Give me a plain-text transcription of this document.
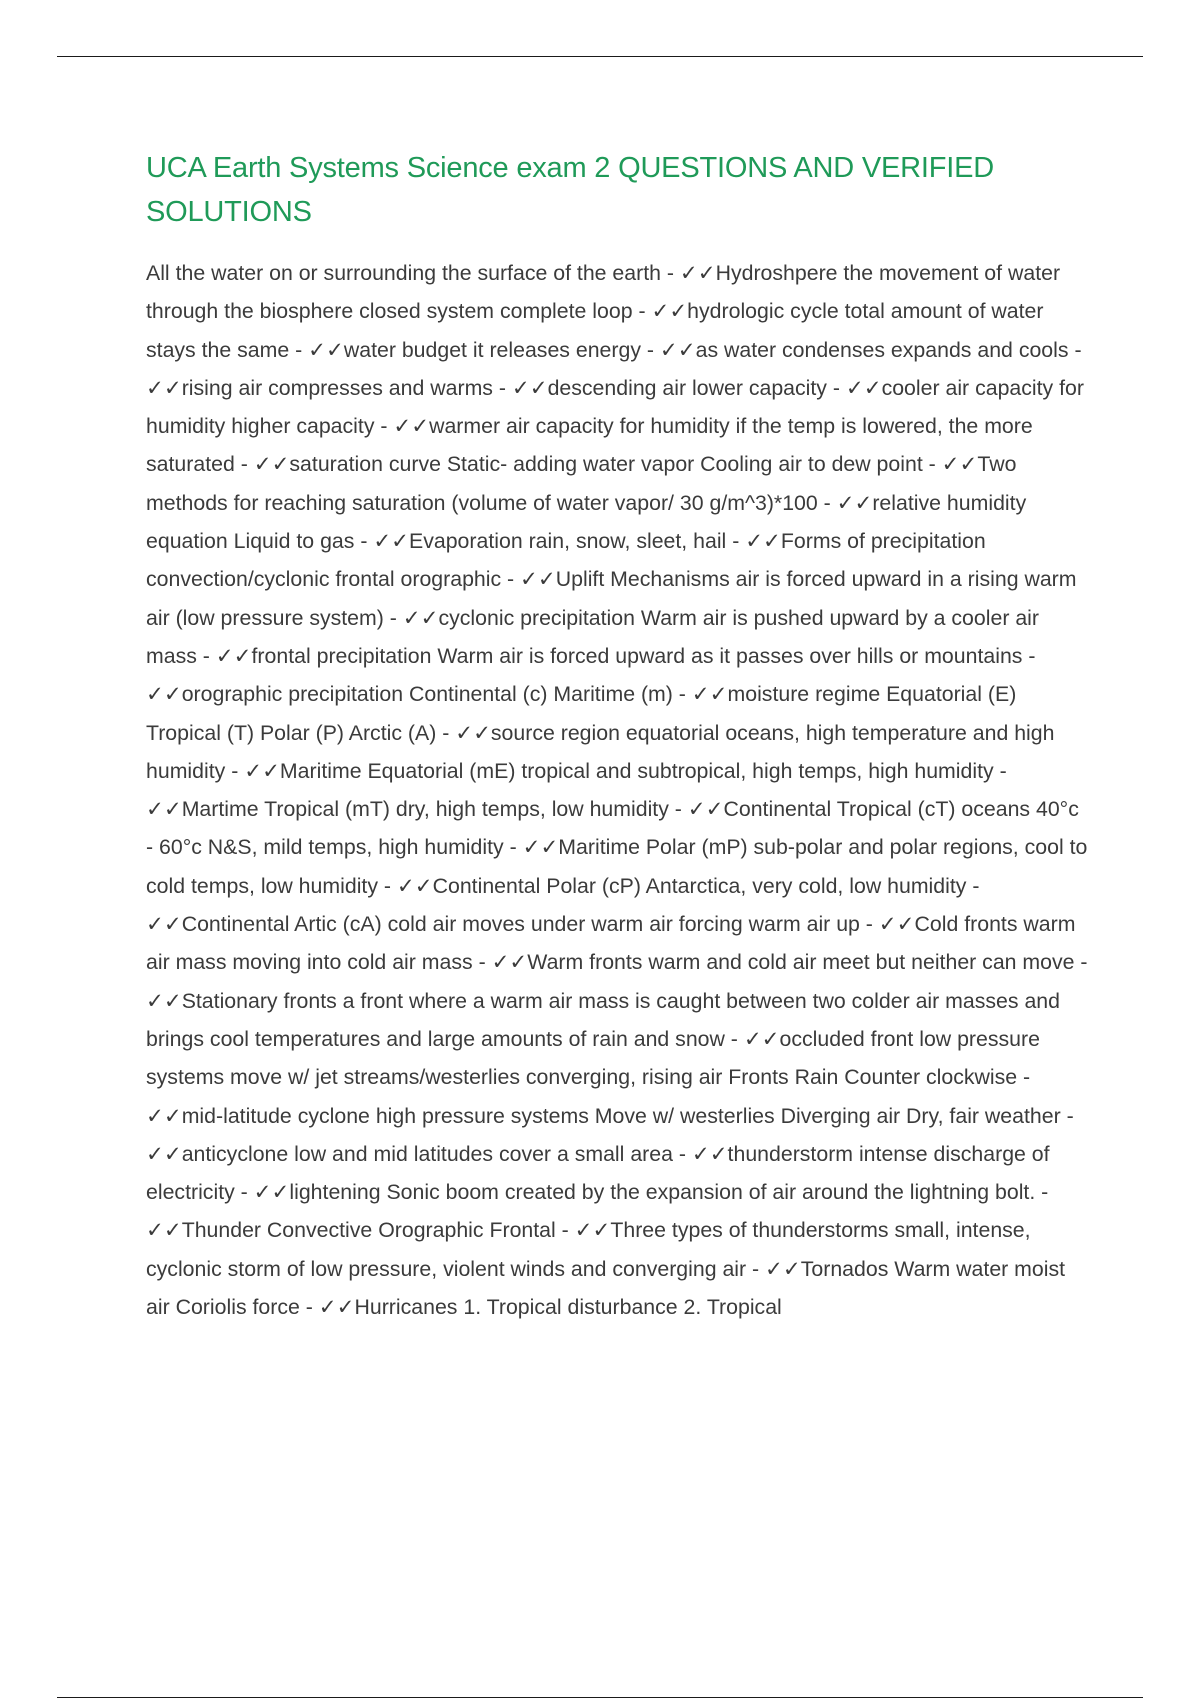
UCA Earth Systems Science exam 2 QUESTIONS AND VERIFIED SOLUTIONS

All the water on or surrounding the surface of the earth - ✓✓Hydroshpere the movement of water through the biosphere closed system complete loop - ✓✓hydrologic cycle total amount of water stays the same - ✓✓water budget it releases energy - ✓✓as water condenses expands and cools - ✓✓rising air compresses and warms - ✓✓descending air lower capacity - ✓✓cooler air capacity for humidity higher capacity - ✓✓warmer air capacity for humidity if the temp is lowered, the more saturated - ✓✓saturation curve Static- adding water vapor Cooling air to dew point - ✓✓Two methods for reaching saturation (volume of water vapor/ 30 g/m^3)*100 - ✓✓relative humidity equation Liquid to gas - ✓✓Evaporation rain, snow, sleet, hail - ✓✓Forms of precipitation convection/cyclonic frontal orographic - ✓✓Uplift Mechanisms air is forced upward in a rising warm air (low pressure system) - ✓✓cyclonic precipitation Warm air is pushed upward by a cooler air mass - ✓✓frontal precipitation Warm air is forced upward as it passes over hills or mountains - ✓✓orographic precipitation Continental (c) Maritime (m) - ✓✓moisture regime Equatorial (E) Tropical (T) Polar (P) Arctic (A) - ✓✓source region equatorial oceans, high temperature and high humidity - ✓✓Maritime Equatorial (mE) tropical and subtropical, high temps, high humidity - ✓✓Martime Tropical (mT) dry, high temps, low humidity - ✓✓Continental Tropical (cT) oceans 40°c - 60°c N&S, mild temps, high humidity - ✓✓Maritime Polar (mP) sub-polar and polar regions, cool to cold temps, low humidity - ✓✓Continental Polar (cP) Antarctica, very cold, low humidity - ✓✓Continental Artic (cA) cold air moves under warm air forcing warm air up - ✓✓Cold fronts warm air mass moving into cold air mass - ✓✓Warm fronts warm and cold air meet but neither can move - ✓✓Stationary fronts a front where a warm air mass is caught between two colder air masses and brings cool temperatures and large amounts of rain and snow - ✓✓occluded front low pressure systems move w/ jet streams/westerlies converging, rising air Fronts Rain Counter clockwise - ✓✓mid-latitude cyclone high pressure systems Move w/ westerlies Diverging air Dry, fair weather - ✓✓anticyclone low and mid latitudes cover a small area - ✓✓thunderstorm intense discharge of electricity - ✓✓lightening Sonic boom created by the expansion of air around the lightning bolt. - ✓✓Thunder Convective Orographic Frontal - ✓✓Three types of thunderstorms small, intense, cyclonic storm of low pressure, violent winds and converging air - ✓✓Tornados Warm water moist air Coriolis force - ✓✓Hurricanes 1. Tropical disturbance 2. Tropical
